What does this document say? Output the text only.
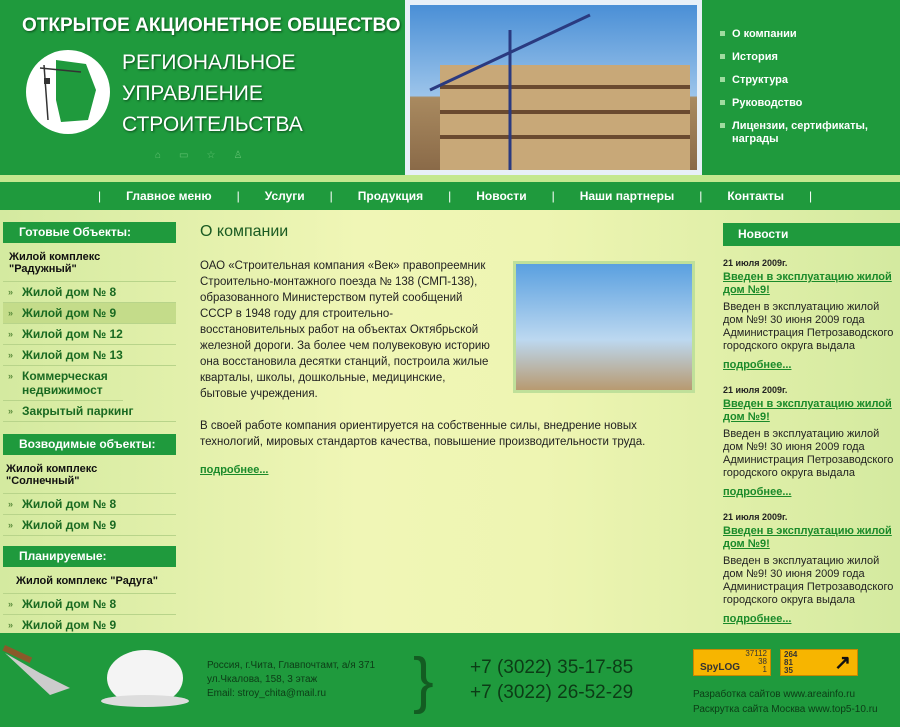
ОТКРЫТОЕ АКЦИОНЕТНОЕ ОБЩЕСТВО
РЕГИОНАЛЬНОЕ
УПРАВЛЕНИЕ
СТРОИТЕЛЬСТВА
⌂ ▭ ☆ ♙
О компании
История
Структура
Руководство
Лицензии, сертификаты, награды
|	Главное меню	|	Услуги	|	Продукция	|	Новости	|	Наши партнеры	|	Контакты	|
Готовые Объекты:
Жилой комплекс "Радужный"
» Жилой дом № 8
» Жилой дом № 9
» Жилой дом № 12
» Жилой дом № 13
» Коммерческая недвижимост
» Закрытый паркинг
Возводимые объекты:
Жилой комплекс "Солнечный"
» Жилой дом № 8
» Жилой дом № 9
Планируемые:
Жилой комплекс "Радуга"
» Жилой дом № 8
» Жилой дом № 9
О компании

ОАО «Строительная компания «Век» правопреемник Строительно-монтажного поезда № 138 (СМП-138), образованного Министерством путей сообщений СССР в 1948 году для строительно-восстановительных работ на объектах Октябрьской железной дороги. За более чем полувековую историю она восстановила десятки станций, построила жилые кварталы, школы, дошкольные, медицинские, бытовые учреждения.

В своей работе компания ориентируется на собственные силы, внедрение новых технологий, мировых стандартов качества, повышение производительности труда.

подробнее...

Новости
21 июля 2009г.
Введен в эксплуатацию жилой дом №9!
Введен в эксплуатацию жилой дом №9! 30 июня 2009 года Администрация Петрозаводского городского округа выдала
подробнее...
21 июля 2009г.
Введен в эксплуатацию жилой дом №9!
Введен в эксплуатацию жилой дом №9! 30 июня 2009 года Администрация Петрозаводского городского округа выдала
подробнее...
21 июля 2009г.
Введен в эксплуатацию жилой дом №9!
Введен в эксплуатацию жилой дом №9! 30 июня 2009 года Администрация Петрозаводского городского округа выдала
подробнее...
Россия, г.Чита, Главпочтамт, а/я 371
ул.Чкалова, 158, 3 этаж
Email: stroy_chita@mail.ru	} +7 (3022) 35-17-85
+7 (3022) 26-52-29
SpyLOG
37112
38
1
264
81
35 ↗
Разработка сайтов www.areainfo.ru
Раскрутка сайта Москва www.top5-10.ru
